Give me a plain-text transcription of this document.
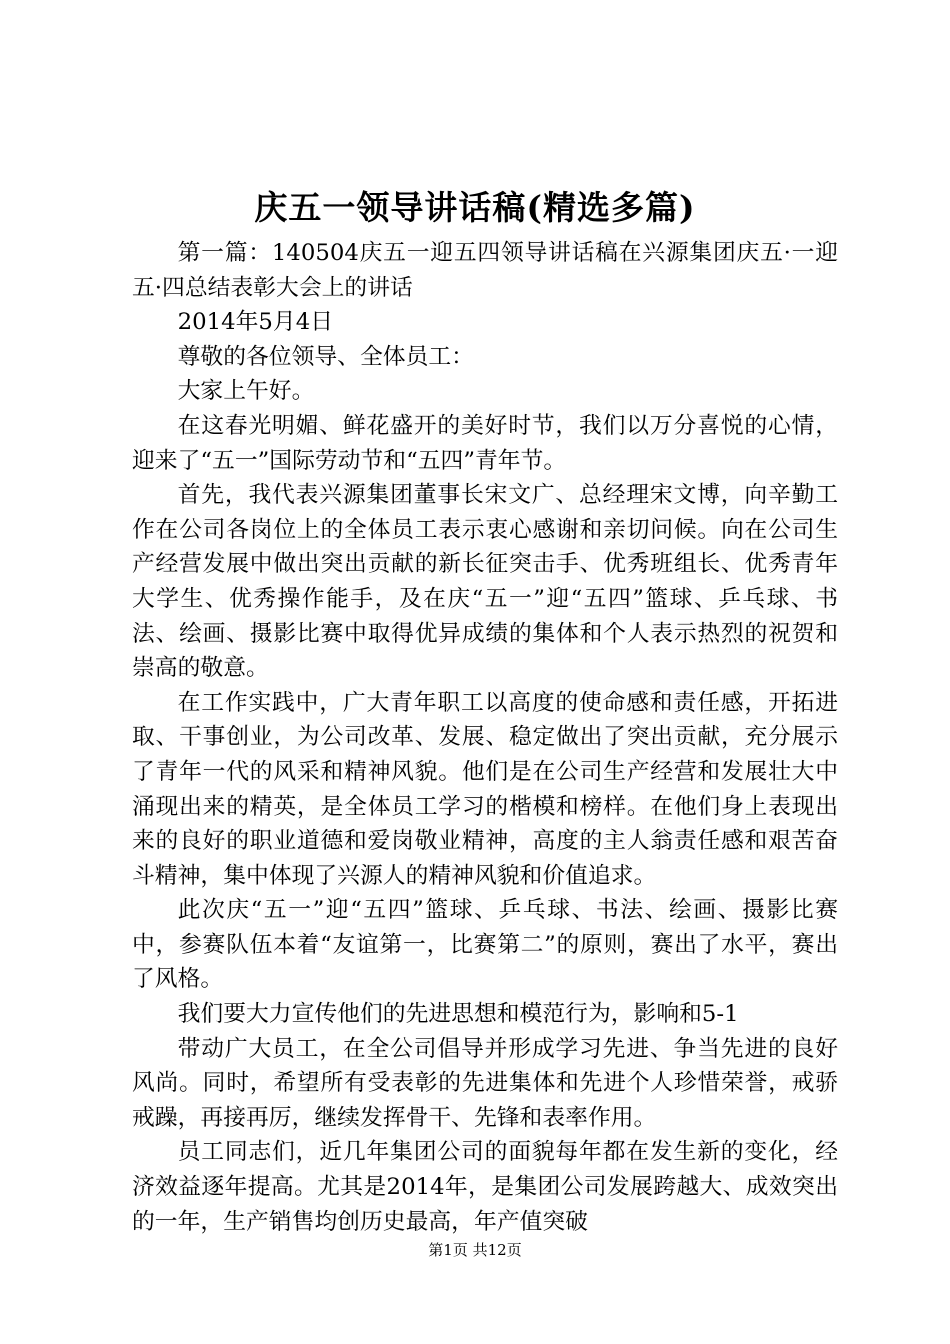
庆五一领导讲话稿(精选多篇)

第一篇：140504庆五一迎五四领导讲话稿在兴源集团庆五·一迎五·四总结表彰大会上的讲话

2014年5月4日

尊敬的各位领导、全体员工：

大家上午好。

在这春光明媚、鲜花盛开的美好时节，我们以万分喜悦的心情，迎来了“五一”国际劳动节和“五四”青年节。

首先，我代表兴源集团董事长宋文广、总经理宋文博，向辛勤工作在公司各岗位上的全体员工表示衷心感谢和亲切问候。向在公司生产经营发展中做出突出贡献的新长征突击手、优秀班组长、优秀青年大学生、优秀操作能手，及在庆“五一”迎“五四”篮球、乒乓球、书法、绘画、摄影比赛中取得优异成绩的集体和个人表示热烈的祝贺和崇高的敬意。

在工作实践中，广大青年职工以高度的使命感和责任感，开拓进取、干事创业，为公司改革、发展、稳定做出了突出贡献，充分展示了青年一代的风采和精神风貌。他们是在公司生产经营和发展壮大中涌现出来的精英，是全体员工学习的楷模和榜样。在他们身上表现出来的良好的职业道德和爱岗敬业精神，高度的主人翁责任感和艰苦奋斗精神，集中体现了兴源人的精神风貌和价值追求。

此次庆“五一”迎“五四”篮球、乒乓球、书法、绘画、摄影比赛中，参赛队伍本着“友谊第一，比赛第二”的原则，赛出了水平，赛出了风格。

我们要大力宣传他们的先进思想和模范行为，影响和5-1

带动广大员工，在全公司倡导并形成学习先进、争当先进的良好风尚。同时，希望所有受表彰的先进集体和先进个人珍惜荣誉，戒骄戒躁，再接再厉，继续发挥骨干、先锋和表率作用。

员工同志们，近几年集团公司的面貌每年都在发生新的变化，经济效益逐年提高。尤其是2014年，是集团公司发展跨越大、成效突出的一年，生产销售均创历史最高，年产值突破

第1页 共12页
